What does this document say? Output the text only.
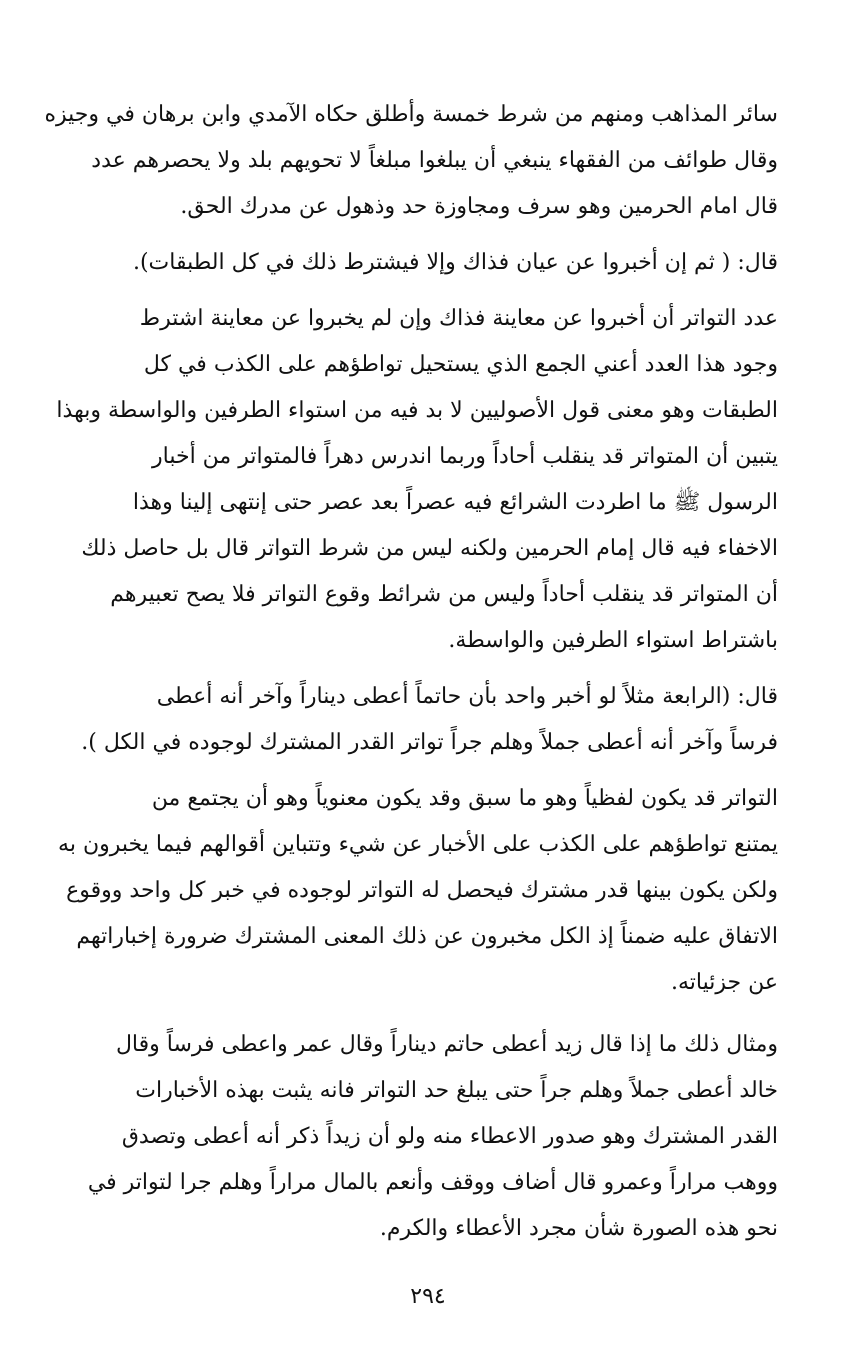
سائر المذاهب ومنهم من شرط خمسة وأطلق حكاه الآمدي وابن برهان في وجيزه
وقال طوائف من الفقهاء ينبغي أن يبلغوا مبلغاً لا تحويهم بلد ولا يحصرهم عدد
قال امام الحرمين وهو سرف ومجاوزة حد وذهول عن مدرك الحق.
قال: ( ثم إن أخبروا عن عيان فذاك وإلا فيشترط ذلك في كل الطبقات).
عدد التواتر أن أخبروا عن معاينة فذاك وإن لم يخبروا عن معاينة اشترط
وجود هذا العدد أعني الجمع الذي يستحيل تواطؤهم على الكذب في كل
الطبقات وهو معنى قول الأصوليين لا بد فيه من استواء الطرفين والواسطة وبهذا
يتبين أن المتواتر قد ينقلب أحاداً وربما اندرس دهراً فالمتواتر من أخبار
الرسول ﷺ ما اطردت الشرائع فيه عصراً بعد عصر حتى إنتهى إلينا وهذا
الاخفاء فيه قال إمام الحرمين ولكنه ليس من شرط التواتر قال بل حاصل ذلك
أن المتواتر قد ينقلب أحاداً وليس من شرائط وقوع التواتر فلا يصح تعبيرهم
باشتراط استواء الطرفين والواسطة.
قال: (الرابعة مثلاً لو أخبر واحد بأن حاتماً أعطى ديناراً وآخر أنه أعطى
فرساً وآخر أنه أعطى جملاً وهلم جراً تواتر القدر المشترك لوجوده في الكل ).
التواتر قد يكون لفظياً وهو ما سبق وقد يكون معنوياً وهو أن يجتمع من
يمتنع تواطؤهم على الكذب على الأخبار عن شيء وتتباين أقوالهم فيما يخبرون به
ولكن يكون بينها قدر مشترك فيحصل له التواتر لوجوده في خبر كل واحد ووقوع
الاتفاق عليه ضمناً إذ الكل مخبرون عن ذلك المعنى المشترك ضرورة إخباراتهم
عن جزئياته.
ومثال ذلك ما إذا قال زيد أعطى حاتم ديناراً وقال عمر واعطى فرساً وقال
خالد أعطى جملاً وهلم جراً حتى يبلغ حد التواتر فانه يثبت بهذه الأخبارات
القدر المشترك وهو صدور الاعطاء منه ولو أن زيداً ذكر أنه أعطى وتصدق
ووهب مراراً وعمرو قال أضاف ووقف وأنعم بالمال مراراً وهلم جرا لتواتر في
نحو هذه الصورة شأن مجرد الأعطاء والكرم.
٢٩٤
